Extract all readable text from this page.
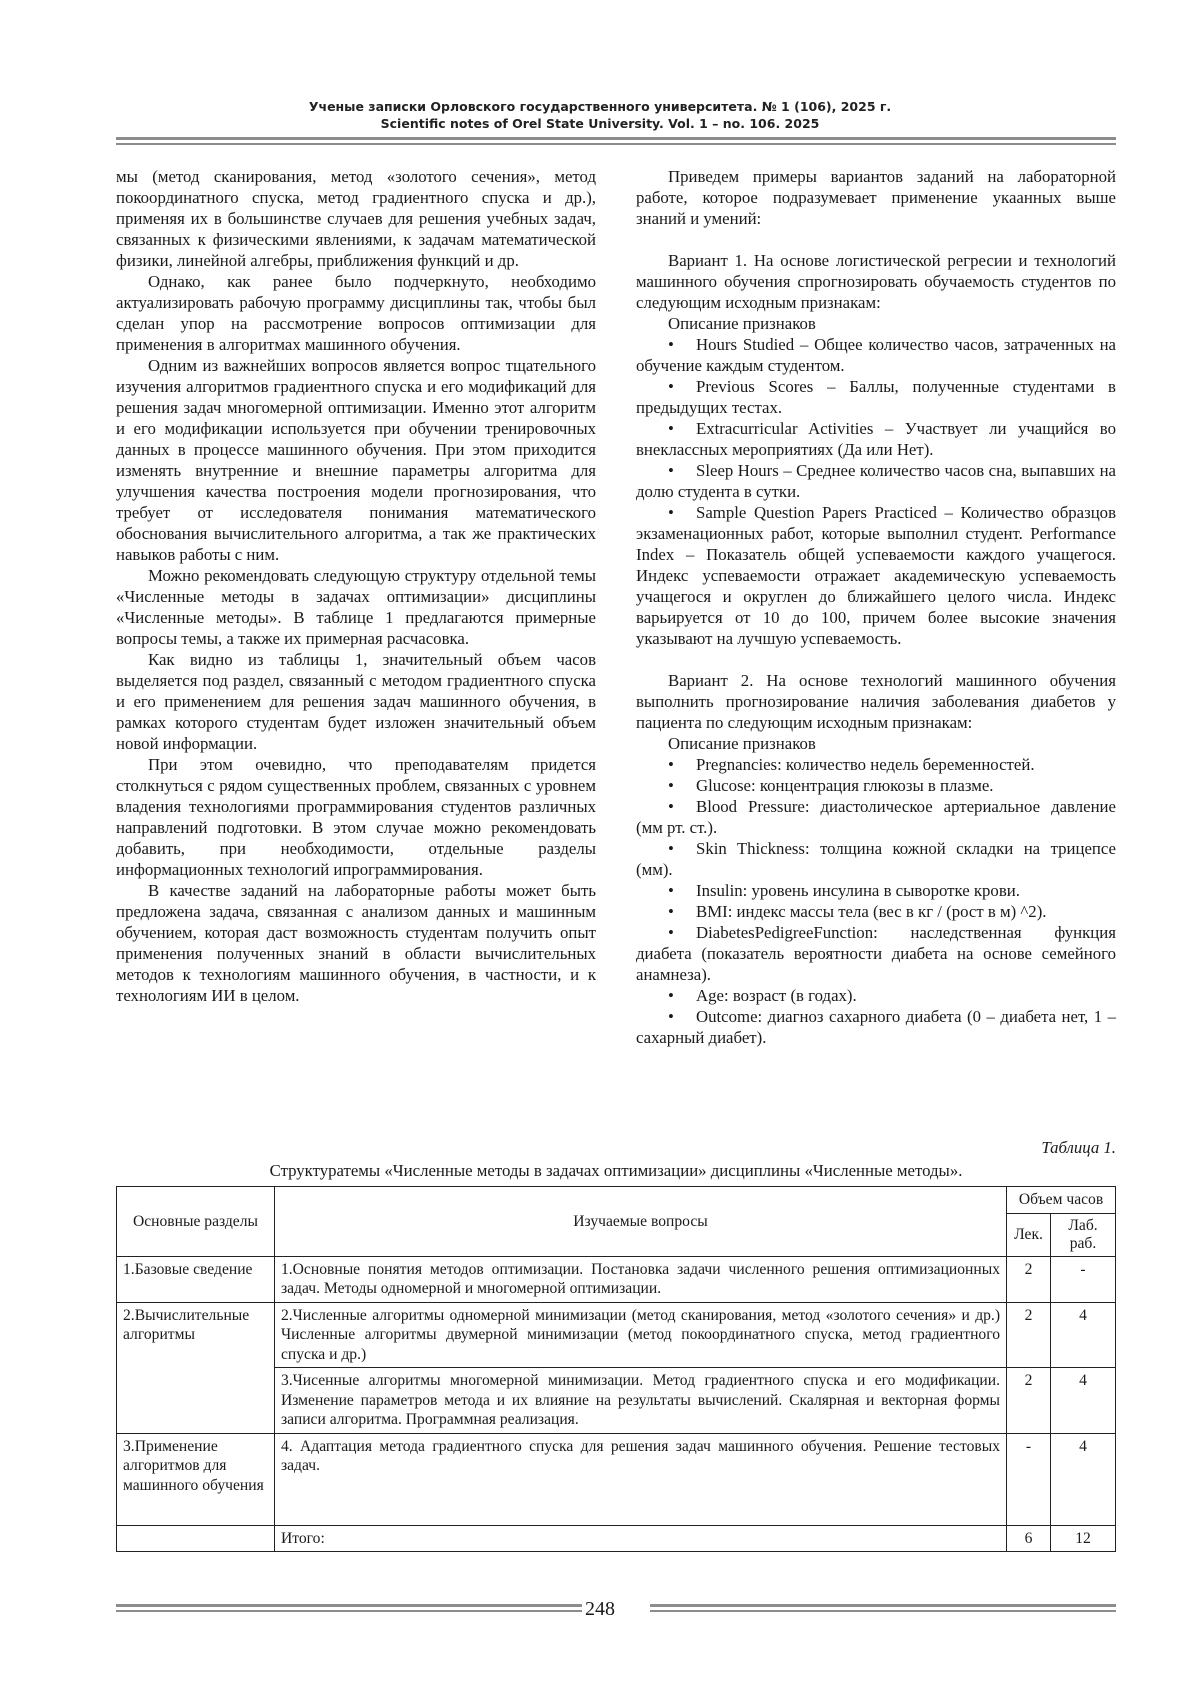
Ученые записки Орловского государственного университета. № 1 (106), 2025 г.
Scientific notes of Orel State University. Vol. 1 – no. 106. 2025

мы (метод сканирования, метод «золотого сечения», метод покоординатного спуска, метод градиентного спуска и др.), применяя их в большинстве случаев для решения учебных задач, связанных к физическими явлениями, к задачам математической физики, линейной алгебры, приближения функций и др.

Однако, как ранее было подчеркнуто, необходимо актуализировать рабочую программу дисциплины так, чтобы был сделан упор на рассмотрение вопросов оптимизации для применения в алгоритмах машинного обучения.

Одним из важнейших вопросов является вопрос тщательного изучения алгоритмов градиентного спуска и его модификаций для решения задач многомерной оптимизации. Именно этот алгоритм и его модификации используется при обучении тренировочных данных в процессе машинного обучения. При этом приходится изменять внутренние и внешние параметры алгоритма для улучшения качества построения модели прогнозирования, что требует от исследователя понимания математического обоснования вычислительного алгоритма, а так же практических навыков работы с ним.

Можно рекомендовать следующую структуру отдельной темы «Численные методы в задачах оптимизации» дисциплины «Численные методы». В таблице 1 предлагаются примерные вопросы темы, а также их примерная расчасовка.

Как видно из таблицы 1, значительный объем часов выделяется под раздел, связанный с методом градиентного спуска и его применением для решения задач машинного обучения, в рамках которого студентам будет изложен значительный объем новой информации.

При этом очевидно, что преподавателям придется столкнуться с рядом существенных проблем, связанных с уровнем владения технологиями программирования студентов различных направлений подготовки. В этом случае можно рекомендовать добавить, при необходимости, отдельные разделы информационных технологий ипрограммирования.

В качестве заданий на лабораторные работы может быть предложена задача, связанная с анализом данных и машинным обучением, которая даст возможность студентам получить опыт применения полученных знаний в области вычислительных методов к технологиям машинного обучения, в частности, и к технологиям ИИ в целом.

Приведем примеры вариантов заданий на лабораторной работе, которое подразумевает применение укаанных выше знаний и умений:

Вариант 1. На основе логистической регресии и технологий машинного обучения спрогнозировать обучаемость студентов по следующим исходным признакам:

Описание признаков

• Hours Studied – Общее количество часов, затраченных на обучение каждым студентом.

• Previous Scores – Баллы, полученные студентами в предыдущих тестах.

• Extracurricular Activities – Участвует ли учащийся во внеклассных мероприятиях (Да или Нет).

• Sleep Hours – Среднее количество часов сна, выпавших на долю студента в сутки.

• Sample Question Papers Practiced – Количество образцов экзаменационных работ, которые выполнил студент. Performance Index – Показатель общей успеваемости каждого учащегося. Индекс успеваемости отражает академическую успеваемость учащегося и округлен до ближайшего целого числа. Индекс варьируется от 10 до 100, причем более высокие значения указывают на лучшую успеваемость.

Вариант 2. На основе технологий машинного обучения выполнить прогнозирование наличия заболевания диабетов у пациента по следующим исходным признакам:

Описание признаков

• Pregnancies: количество недель беременностей.

• Glucose: концентрация глюкозы в плазме.

• Blood Pressure: диастолическое артериальное давление (мм рт. ст.).

• Skin Thickness: толщина кожной складки на трицепсе (мм).

• Insulin: уровень инсулина в сыворотке крови.

• BMI: индекс массы тела (вес в кг / (рост в м) ^2).

• DiabetesPedigreeFunction: наследственная функция диабета (показатель вероятности диабета на основе семейного анамнеза).

• Age: возраст (в годах).

• Outcome: диагноз сахарного диабета (0 – диабета нет, 1 – сахарный диабет).

Таблица 1.
Структуратемы «Численные методы в задачах оптимизации» дисциплины «Численные методы».
Основные разделы	Изучаемые вопросы	Объем часов	
		Лек.	Лаб. раб.
1.Базовые сведение	1.Основные понятия методов оптимизации. Постановка задачи численного решения оптимизационных задач. Методы одномерной и многомерной оптимизации.	2	-
2.Вычислительные алгоритмы	2.Численные алгоритмы одномерной минимизации (метод сканирования, метод «золотого сечения» и др.) Численные алгоритмы двумерной минимизации (метод покоординатного спуска, метод градиентного спуска и др.)	2	4
	3.Чисенные алгоритмы многомерной минимизации. Метод градиентного спуска и его модификации. Изменение параметров метода и их влияние на результаты вычислений. Скалярная и векторная формы записи алгоритма. Программная реализация.	2	4
3.Применение алгоритмов для машинного обучения	4. Адаптация метода градиентного спуска для решения задач машинного обучения. Решение тестовых задач.	-	4
	Итого:	6	12
248
